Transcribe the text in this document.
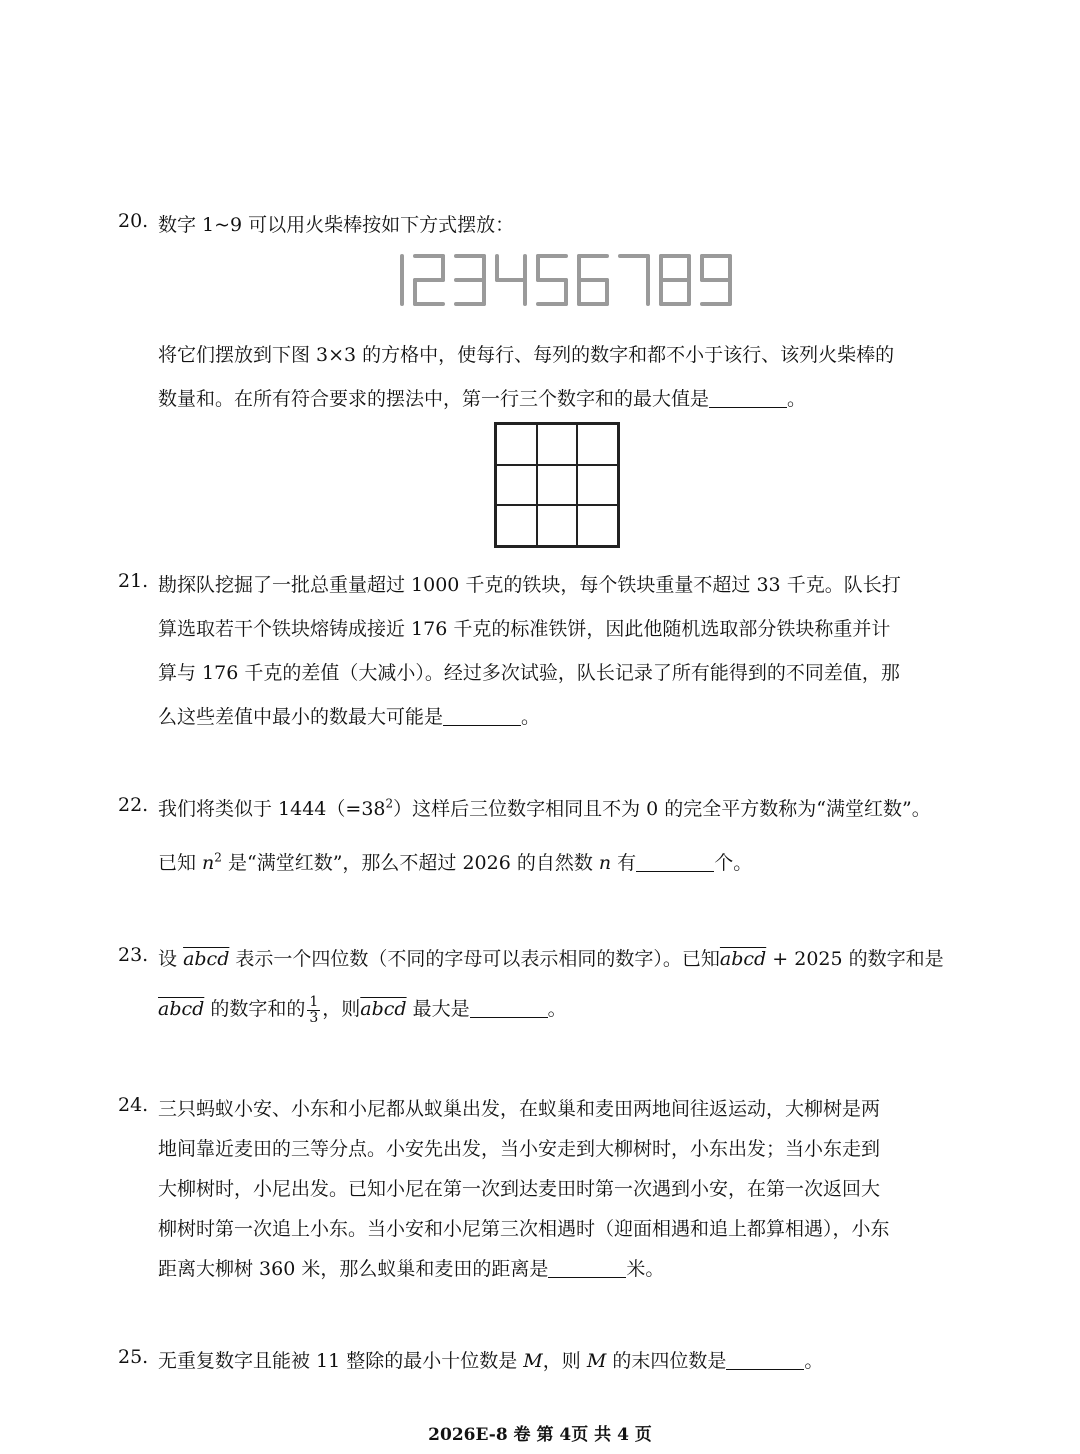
20. 数字 1~9 可以用火柴棒按如下方式摆放：
将它们摆放到下图 3×3 的方格中，使每行、每列的数字和都不小于该行、该列火柴棒的
数量和。在所有符合要求的摆法中，第一行三个数字和的最大值是	。
21. 勘探队挖掘了一批总重量超过 1000 千克的铁块，每个铁块重量不超过 33 千克。队长打
算选取若干个铁块熔铸成接近 176 千克的标准铁饼，因此他随机选取部分铁块称重并计
算与 176 千克的差值（大减小）。经过多次试验，队长记录了所有能得到的不同差值，那
么这些差值中最小的数最大可能是	。
22. 我们将类似于 $1444(=38^2)$这样后三位数字相同且不为 0 的完全平方数称为“满堂红数”。
已知 $n^2$ 是“满堂红数”，那么不超过 2026 的自然数 n 有	个。
23. 设 abcd 表示一个四位数（不同的字母可以表示相同的数字）。已知abcd + 2025 的数字和是
abcd 的数字和的 $\frac{1}{3}$ ，则abcd 最大是	。
24. 三只蚂蚁小安、小东和小尼都从蚁巢出发，在蚁巢和麦田两地间往返运动，大柳树是两
地间靠近麦田的三等分点。小安先出发，当小安走到大柳树时，小东出发；当小东走到
大柳树时，小尼出发。已知小尼在第一次到达麦田时第一次遇到小安，在第一次返回大
柳树时第一次追上小东。当小安和小尼第三次相遇时（迎面相遇和追上都算相遇），小东
距离大柳树 360 米，那么蚁巢和麦田的距离是	米。
25. 无重复数字且能被 11 整除的最小十位数是 M，则 M 的末四位数是	。
2026E-8 卷 第 4页 共 4 页
